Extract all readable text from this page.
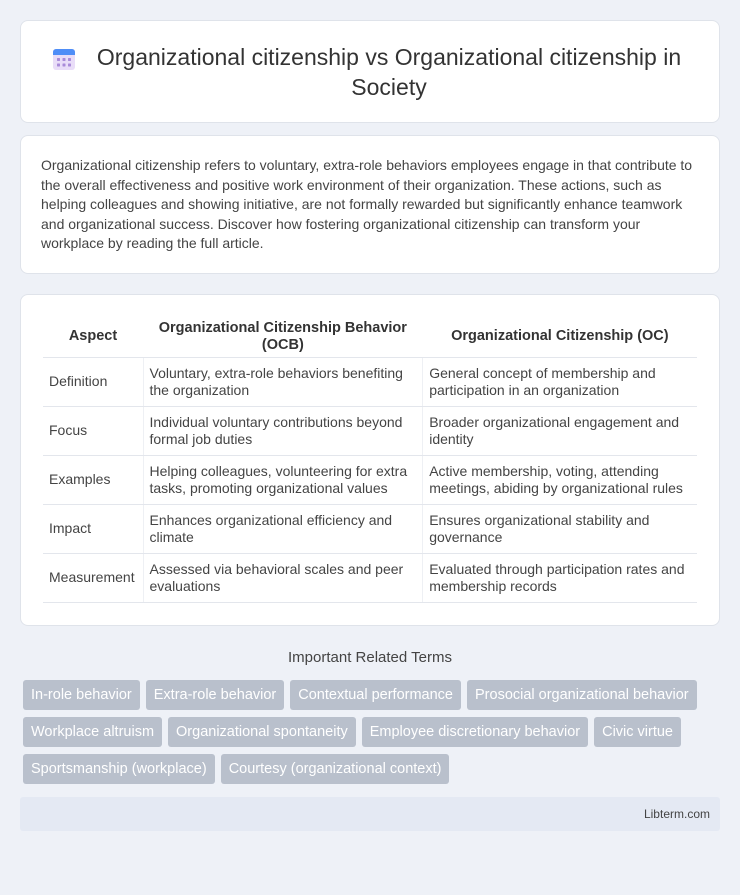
Organizational citizenship vs Organizational citizenship in Society

Organizational citizenship refers to voluntary, extra-role behaviors employees engage in that contribute to the overall effectiveness and positive work environment of their organization. These actions, such as helping colleagues and showing initiative, are not formally rewarded but significantly enhance teamwork and organizational success. Discover how fostering organizational citizenship can transform your workplace by reading the full article.

Aspect	Organizational Citizenship Behavior (OCB)	Organizational Citizenship (OC)
Definition	Voluntary, extra-role behaviors benefiting the organization	General concept of membership and participation in an organization
Focus	Individual voluntary contributions beyond formal job duties	Broader organizational engagement and identity
Examples	Helping colleagues, volunteering for extra tasks, promoting organizational values	Active membership, voting, attending meetings, abiding by organizational rules
Impact	Enhances organizational efficiency and climate	Ensures organizational stability and governance
Measurement	Assessed via behavioral scales and peer evaluations	Evaluated through participation rates and membership records
Important Related Terms
In-role behavior	Extra-role behavior	Contextual performance	Prosocial organizational behavior
Workplace altruism	Organizational spontaneity	Employee discretionary behavior	Civic virtue
Sportsmanship (workplace)	Courtesy (organizational context)
Libterm.com
